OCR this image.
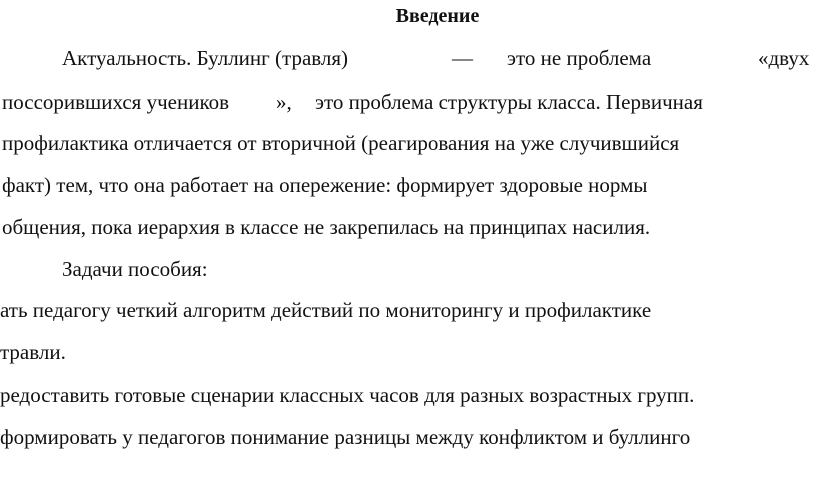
Введение

Актуальность. Буллинг (травля)

	—

это не проблема

	«двух

поссорившихся учеников

»,

это проблема структуры класса. Первичная

профилактика отличается от вторичной (реагирования на уже случившийся
факт) тем, что она работает на опережение: формирует здоровые нормы
общения, пока иерархия в классе не закрепилась на принципах насилия.
Задачи пособия:
ать педагогу четкий алгоритм действий по мониторингу и профилактике
травли.
редоставить готовые сценарии классных часов для разных возрастных групп.
формировать у педагогов понимание разницы между конфликтом и буллинго
